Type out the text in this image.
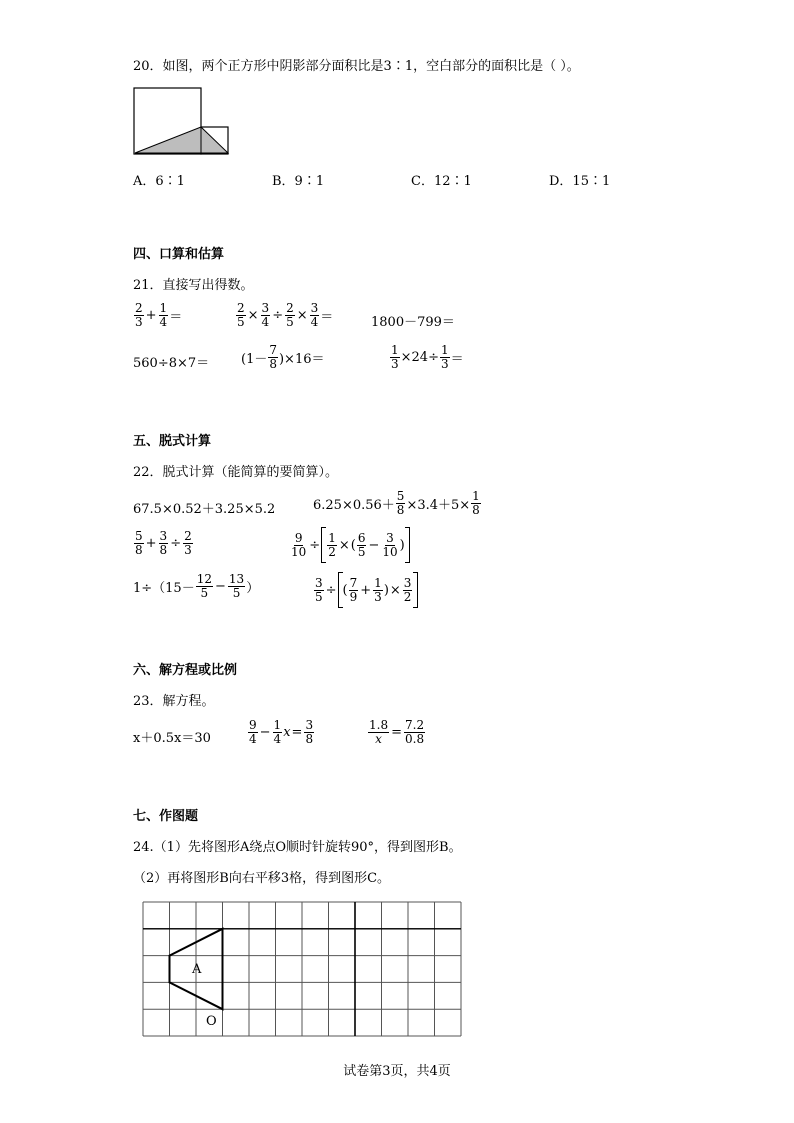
20．如图，两个正方形中阴影部分面积比是3∶1，空白部分的面积比是（ ）。
A．6∶1	B．9∶1	C．12∶1	D．15∶1
四、口算和估算
21．直接写出得数。
$\frac{2}{3} + \frac{1}{4}$ ＝	$\frac{2}{5} \times \frac{3}{4} \div \frac{2}{5} \times \frac{3}{4}$ ＝	1800－799＝
$560\div 8\times 7= (1- \frac{7}{8} )\times 16=$	$\frac{1}{3} \times 24\div \frac{1}{3}$ ＝
五、脱式计算
22．脱式计算（能简算的要简算）。
67.5×0.52＋3.25×5.2	$6.25\times 0.56+ \frac{5}{8} \times 3.4+5\times \frac{1}{8}$
$\frac{5}{8} + \frac{3}{8} \div \frac{2}{3}$	$\frac{9}{10} \div \frac{1}{2}$ × ( $\frac{6}{5} - \frac{3}{10}$ )
$1\div(15- \frac{12}{5} - \frac{13}{5}$ ）	$\frac{3}{5}$ ÷ ( $\frac{7}{9} + \frac{1}{3}$ ) × $\frac{3}{2}$
六、解方程或比例
23．解方程。
x＋0.5x＝30	$\frac{9}{4} - \frac{1}{4}$ $x = \frac{3}{8}$	$\frac{1.8}{x} = \frac{7.2}{0.8}$
七、作图题
24.（1）先将图形A绕点O顺时针旋转90°，得到图形B。
（2）再将图形B向右平移3格，得到图形C。
A
O
试卷第3页，共4页
